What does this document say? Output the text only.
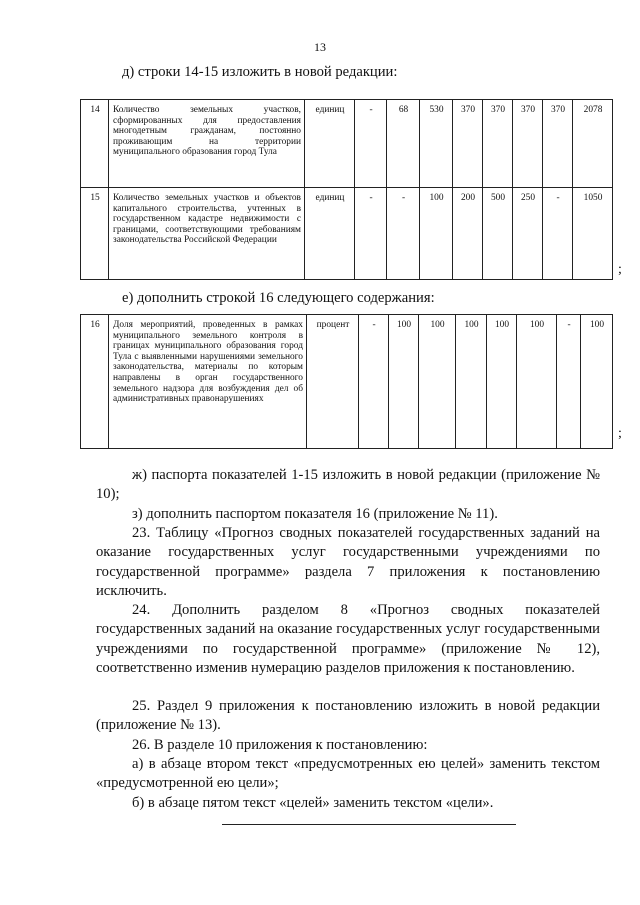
13
д) строки 14-15 изложить в новой редакции:
14	Количество земельных участков, сформированных для предоставления многодетным гражданам, постоянно проживающим на территории муниципального образования город Тула	единиц	-	68	530	370	370	370	370	2078
15	Количество земельных участков и объектов капитального строительства, учтенных в государственном кадастре недвижимости с границами, соответствующими требованиям законодательства Российской Федерации	единиц	-	-	100	200	500	250	-	1050
;
е) дополнить строкой 16 следующего содержания:
16	Доля мероприятий, проведенных в рамках муниципального земельного контроля в границах муниципального образования город Тула с выявленными нарушениями земельного законодательства, материалы по которым направлены в орган государственного земельного надзора для возбуждения дел об административных правонарушениях	процент	-	100	100	100	100	100	-	100
;
ж) паспорта показателей 1-15 изложить в новой редакции (приложение № 10);
з) дополнить паспортом показателя 16 (приложение № 11).
23. Таблицу «Прогноз сводных показателей государственных заданий на оказание государственных услуг государственными учреждениями по государственной программе» раздела 7 приложения к постановлению исключить.
24. Дополнить разделом 8 «Прогноз сводных показателей государственных заданий на оказание государственных услуг государственными учреждениями по государственной программе» (приложение № 12), соответственно изменив нумерацию разделов приложения к постановлению.
25. Раздел 9 приложения к постановлению изложить в новой редакции (приложение № 13).
26. В разделе 10 приложения к постановлению:
а) в абзаце втором текст «предусмотренных ею целей» заменить текстом «предусмотренной ею цели»;
б) в абзаце пятом текст «целей» заменить текстом «цели».
